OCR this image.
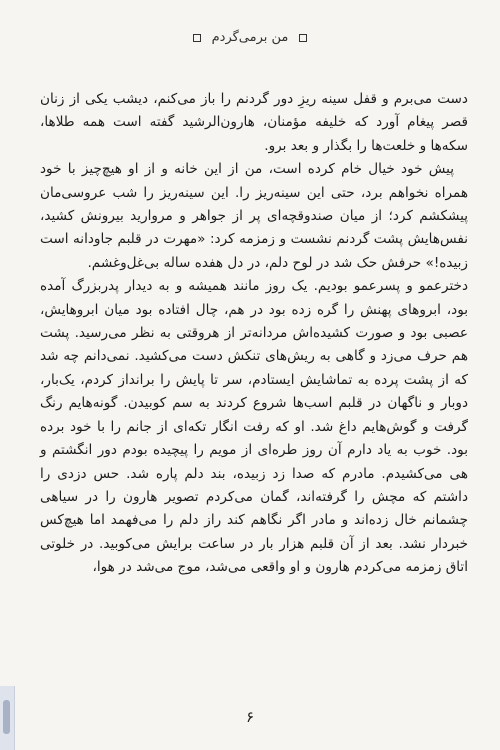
من برمی‌گردم

دست می‌برم و قفل سینه ریزِ دور گردنم را باز می‌کنم، دیشب یکی از زنان قصر پیغام آورد که خلیفه مؤمنان، هارون‌الرشید گفته است همه طلاها، سکه‌ها و خلعت‌ها را بگذار و بعد برو.

پیش خود خیال خام کرده است، من از این خانه و از او هیچ‌چیز با خود همراه نخواهم برد، حتی این سینه‌ریز را. این سینه‌ریز را شب عروسی‌مان پیشکشم کرد؛ از میان صندوقچه‌ای پر از جواهر و مروارید بیرونش کشید، نفس‌هایش پشت گردنم نشست و زمزمه کرد: «مهرت در قلبم جاودانه است زبیده!» حرفش حک شد در لوح دلم، در دل هفده ساله بی‌غل‌وغشم.

دخترعمو و پسرعمو بودیم. یک روز مانند همیشه و به دیدار پدربزرگ آمده بود، ابروهای پهنش را گره زده بود در هم، چال افتاده بود میان ابروهایش، عصبی بود و صورت کشیده‌اش مردانه‌تر از هروقتی به نظر می‌رسید. پشت هم حرف می‌زد و گاهی به ریش‌های تنکش دست می‌کشید. نمی‌دانم چه شد که از پشت پرده به تماشایش ایستادم، سر تا پایش را برانداز کردم، یک‌بار، دوبار و ناگهان در قلبم اسب‌ها شروع کردند به سم کوبیدن. گونه‌هایم رنگ گرفت و گوش‌هایم داغ شد. او که رفت انگار تکه‌ای از جانم را با خود برده بود. خوب به یاد دارم آن روز طره‌ای از مویم را پیچیده بودم دور انگشتم و هی می‌کشیدم. مادرم که صدا زد زبیده، بند دلم پاره شد. حس دزدی را داشتم که مچش را گرفته‌اند، گمان می‌کردم تصویر هارون را در سیاهی چشمانم خال زده‌اند و مادر اگر نگاهم کند راز دلم را می‌فهمد اما هیچ‌کس خبردار نشد. بعد از آن قلبم هزار بار در ساعت برایش می‌کوبید. در خلوتی اتاق زمزمه می‌کردم هارون و او واقعی می‌شد، موج می‌شد در هوا،

۶
